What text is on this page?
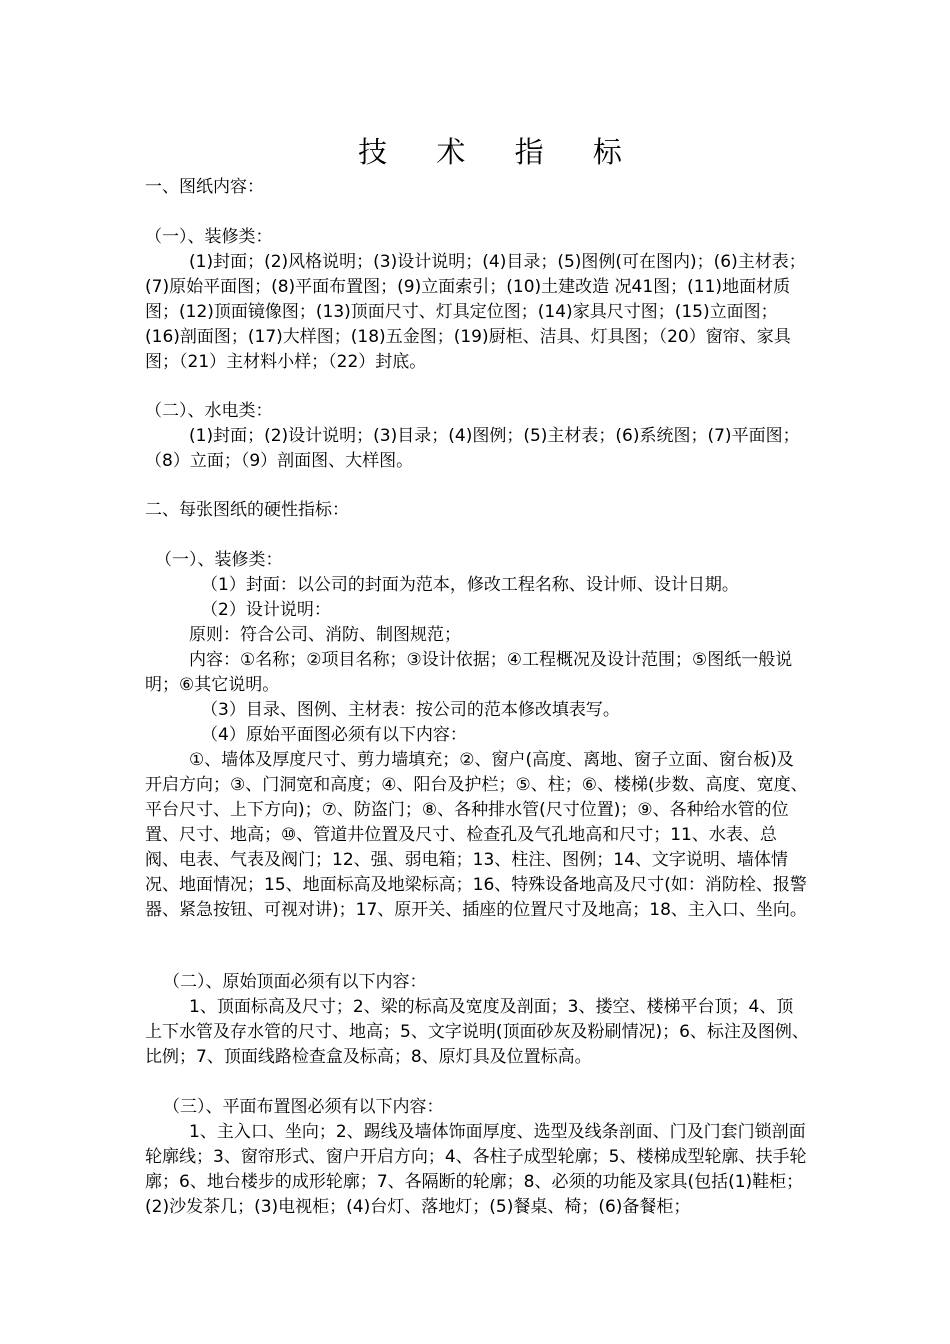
技 术 指 标

一、图纸内容：

（一）、装修类：

(1)封面；(2)风格说明；(3)设计说明；(4)目录；(5)图例(可在图内)；(6)主材表；(7)原始平面图；(8)平面布置图；(9)立面索引；(10)土建改造 况41图；(11)地面材质图；(12)顶面镜像图；(13)顶面尺寸、灯具定位图；(14)家具尺寸图；(15)立面图；(16)剖面图；(17)大样图；(18)五金图；(19)厨柜、洁具、灯具图；（20）窗帘、家具图；（21）主材料小样；（22）封底。

（二）、水电类：

(1)封面；(2)设计说明；(3)目录；(4)图例；(5)主材表；(6)系统图；(7)平面图；（8）立面；（9）剖面图、大样图。

二、每张图纸的硬性指标：

（一）、装修类：

（1）封面：以公司的封面为范本，修改工程名称、设计师、设计日期。

（2）设计说明：

原则：符合公司、消防、制图规范；

内容：①名称；②项目名称；③设计依据；④工程概况及设计范围；⑤图纸一般说明；⑥其它说明。

（3）目录、图例、主材表：按公司的范本修改填表写。

（4）原始平面图必须有以下内容：

①、墙体及厚度尺寸、剪力墙填充；②、窗户(高度、离地、窗子立面、窗台板)及开启方向；③、门洞宽和高度；④、阳台及护栏；⑤、柱；⑥、楼梯(步数、高度、宽度、平台尺寸、上下方向)；⑦、防盗门；⑧、各种排水管(尺寸位置)；⑨、各种给水管的位置、尺寸、地高；⑩、管道井位置及尺寸、检查孔及气孔地高和尺寸；11、水表、总阀、电表、气表及阀门；12、强、弱电箱；13、柱注、图例；14、文字说明、墙体情况、地面情况；15、地面标高及地梁标高；16、特殊设备地高及尺寸(如：消防栓、报警器、紧急按钮、可视对讲)；17、原开关、插座的位置尺寸及地高；18、主入口、坐向。

（二）、原始顶面必须有以下内容：

1、顶面标高及尺寸；2、梁的标高及宽度及剖面；3、搂空、楼梯平台顶；4、顶上下水管及存水管的尺寸、地高；5、文字说明(顶面砂灰及粉刷情况)；6、标注及图例、比例；7、顶面线路检查盒及标高；8、原灯具及位置标高。

（三）、平面布置图必须有以下内容：

1、主入口、坐向；2、踢线及墙体饰面厚度、选型及线条剖面、门及门套门锁剖面轮廓线；3、窗帘形式、窗户开启方向；4、各柱子成型轮廓；5、楼梯成型轮廓、扶手轮廓；6、地台楼步的成形轮廓；7、各隔断的轮廓；8、必须的功能及家具(包括(1)鞋柜；(2)沙发茶几；(3)电视柜；(4)台灯、落地灯；(5)餐桌、椅；(6)备餐柜；
